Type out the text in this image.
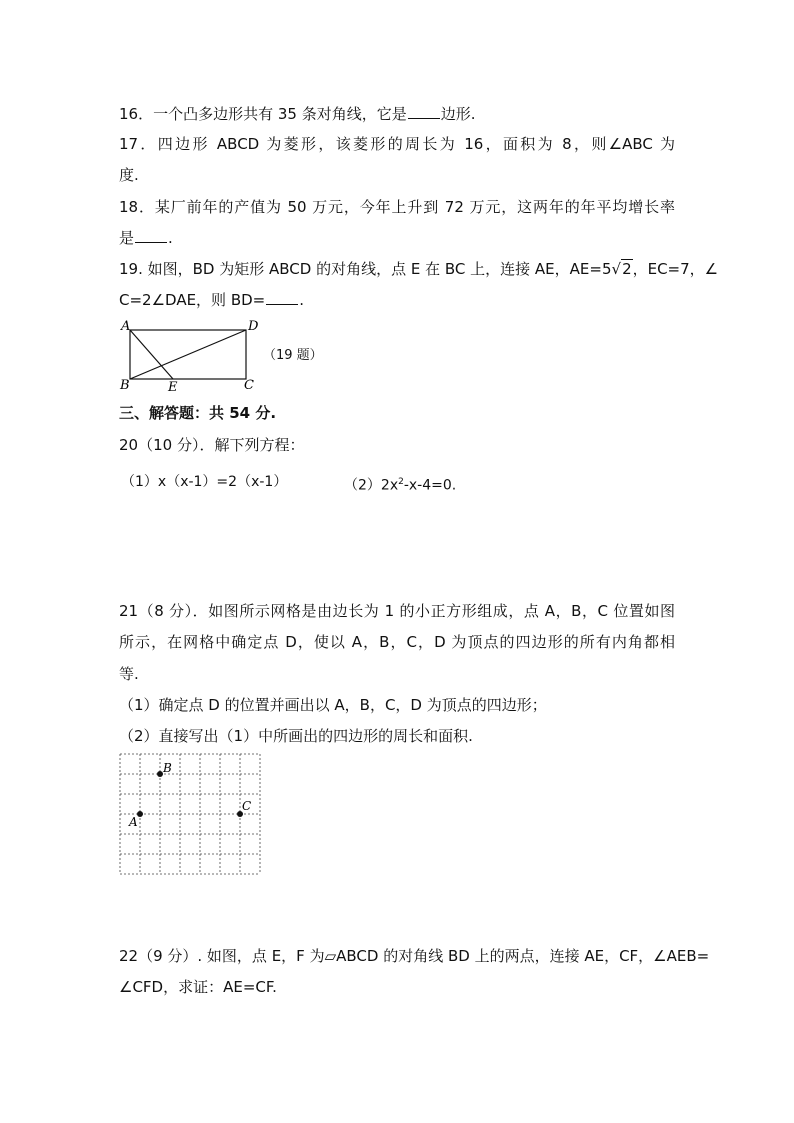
16．一个凸多边形共有 35 条对角线，它是 边形.
17．四边形 ABCD 为菱形，该菱形的周长为 16，面积为 8，则∠ABC 为
度.
18．某厂前年的产值为 50 万元，今年上升到 72 万元，这两年的年平均增长率
是 .
19. 如图，BD 为矩形 ABCD 的对角线，点 E 在 BC 上，连接 AE，AE=5√2，EC=7，∠
C=2∠DAE，则 BD= .
A	D
B	E	C
（19 题）
三、解答题：共 54 分.
20（10 分）．解下列方程：
（1）x（x-1）=2（x-1）	$(2)2x^2-x-4=0$.
21（8 分）．如图所示网格是由边长为 1 的小正方形组成，点 A，B，C 位置如图
所示，在网格中确定点 D，使以 A，B，C，D 为顶点的四边形的所有内角都相
等.
（1）确定点 D 的位置并画出以 A，B，C，D 为顶点的四边形；
（2）直接写出（1）中所画出的四边形的周长和面积.
B
A
C
22（9 分）. 如图，点 E，F 为▱ABCD 的对角线 BD 上的两点，连接 AE，CF，∠AEB=
∠CFD，求证：AE=CF.
